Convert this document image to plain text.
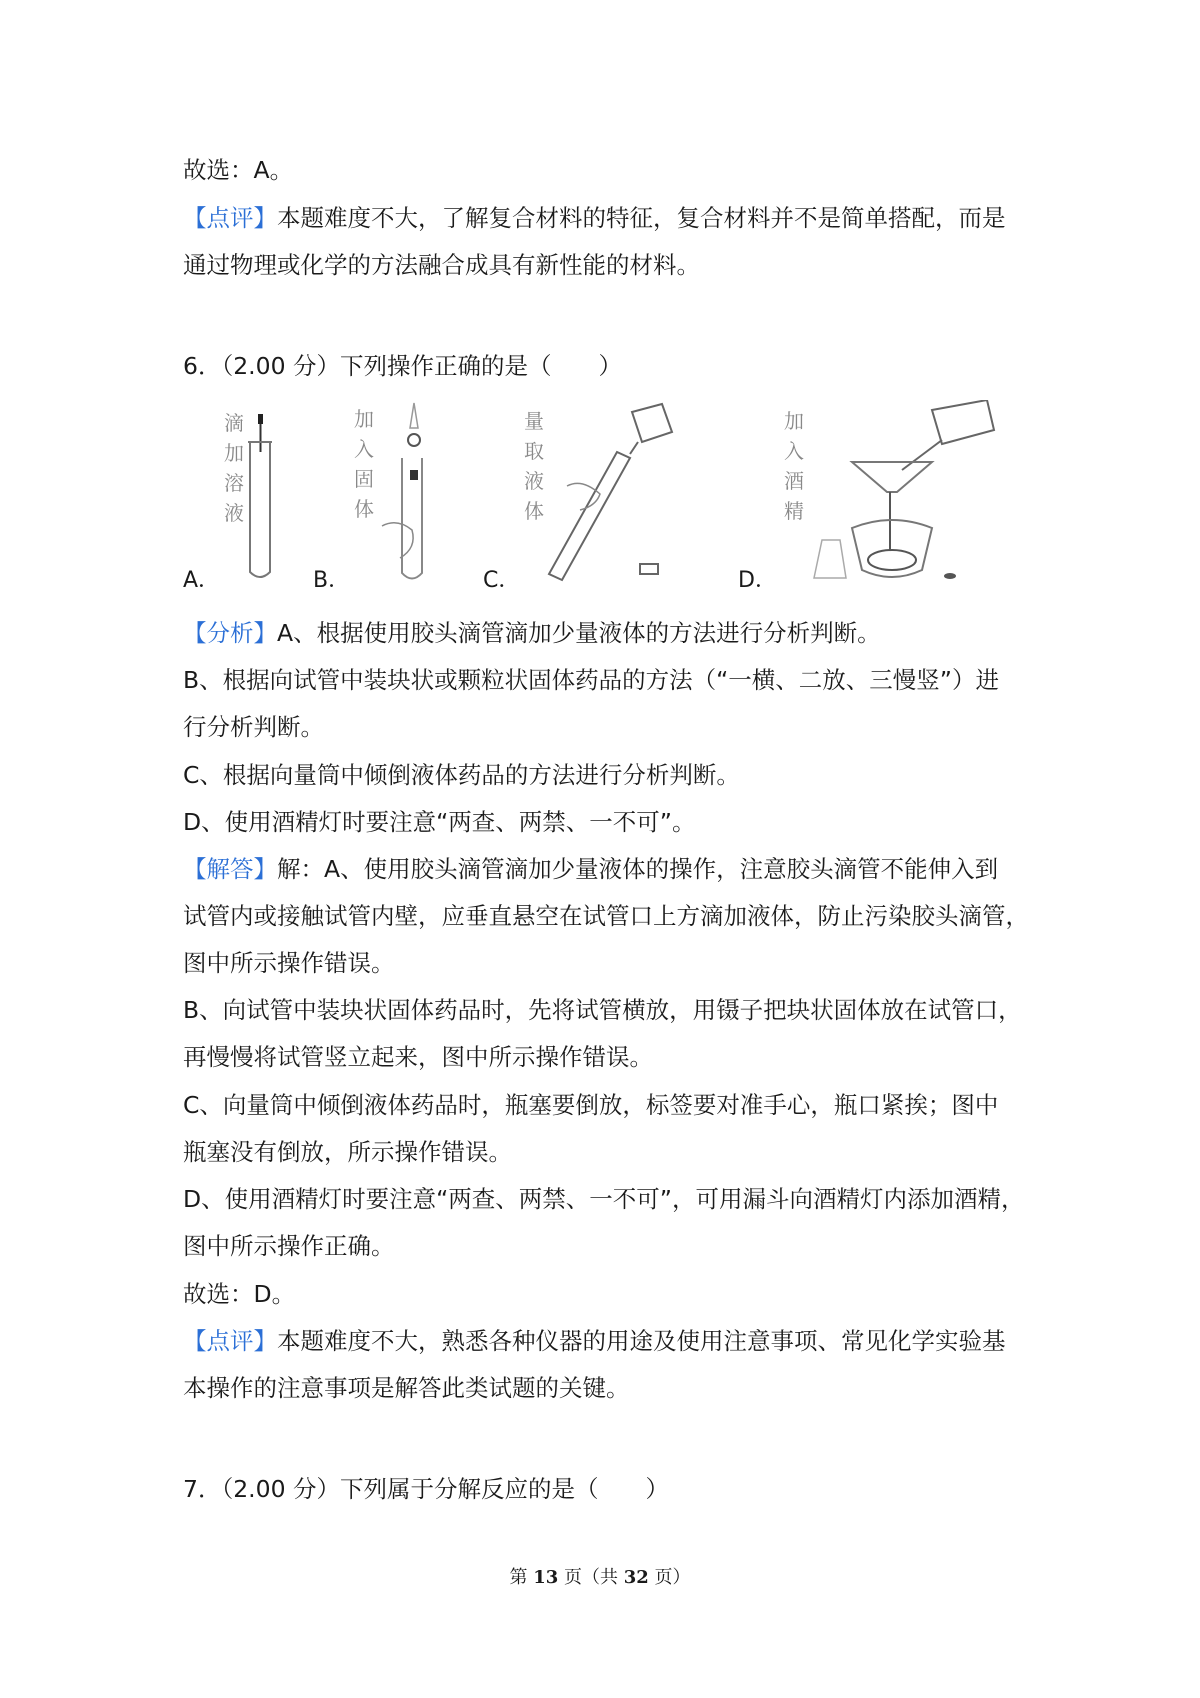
故选：A。
【点评】本题难度不大，了解复合材料的特征，复合材料并不是简单搭配，而是
通过物理或化学的方法融合成具有新性能的材料。
6．（2.00 分）下列操作正确的是（　　）
滴
加
溶
液
A．
加
入
固
体
B．
量
取
液
体
C．
加
入
酒
精
D．
【分析】A、根据使用胶头滴管滴加少量液体的方法进行分析判断。
B、根据向试管中装块状或颗粒状固体药品的方法（“一横、二放、三慢竖”）进
行分析判断。
C、根据向量筒中倾倒液体药品的方法进行分析判断。
D、使用酒精灯时要注意“两查、两禁、一不可”。
【解答】解：A、使用胶头滴管滴加少量液体的操作，注意胶头滴管不能伸入到
试管内或接触试管内壁，应垂直悬空在试管口上方滴加液体，防止污染胶头滴管，
图中所示操作错误。
B、向试管中装块状固体药品时，先将试管横放，用镊子把块状固体放在试管口，
再慢慢将试管竖立起来，图中所示操作错误。
C、向量筒中倾倒液体药品时，瓶塞要倒放，标签要对准手心，瓶口紧挨；图中
瓶塞没有倒放，所示操作错误。
D、使用酒精灯时要注意“两查、两禁、一不可”，可用漏斗向酒精灯内添加酒精，
图中所示操作正确。
故选：D。
【点评】本题难度不大，熟悉各种仪器的用途及使用注意事项、常见化学实验基
本操作的注意事项是解答此类试题的关键。
7．（2.00 分）下列属于分解反应的是（　　）
第 13 页（共 32 页）
